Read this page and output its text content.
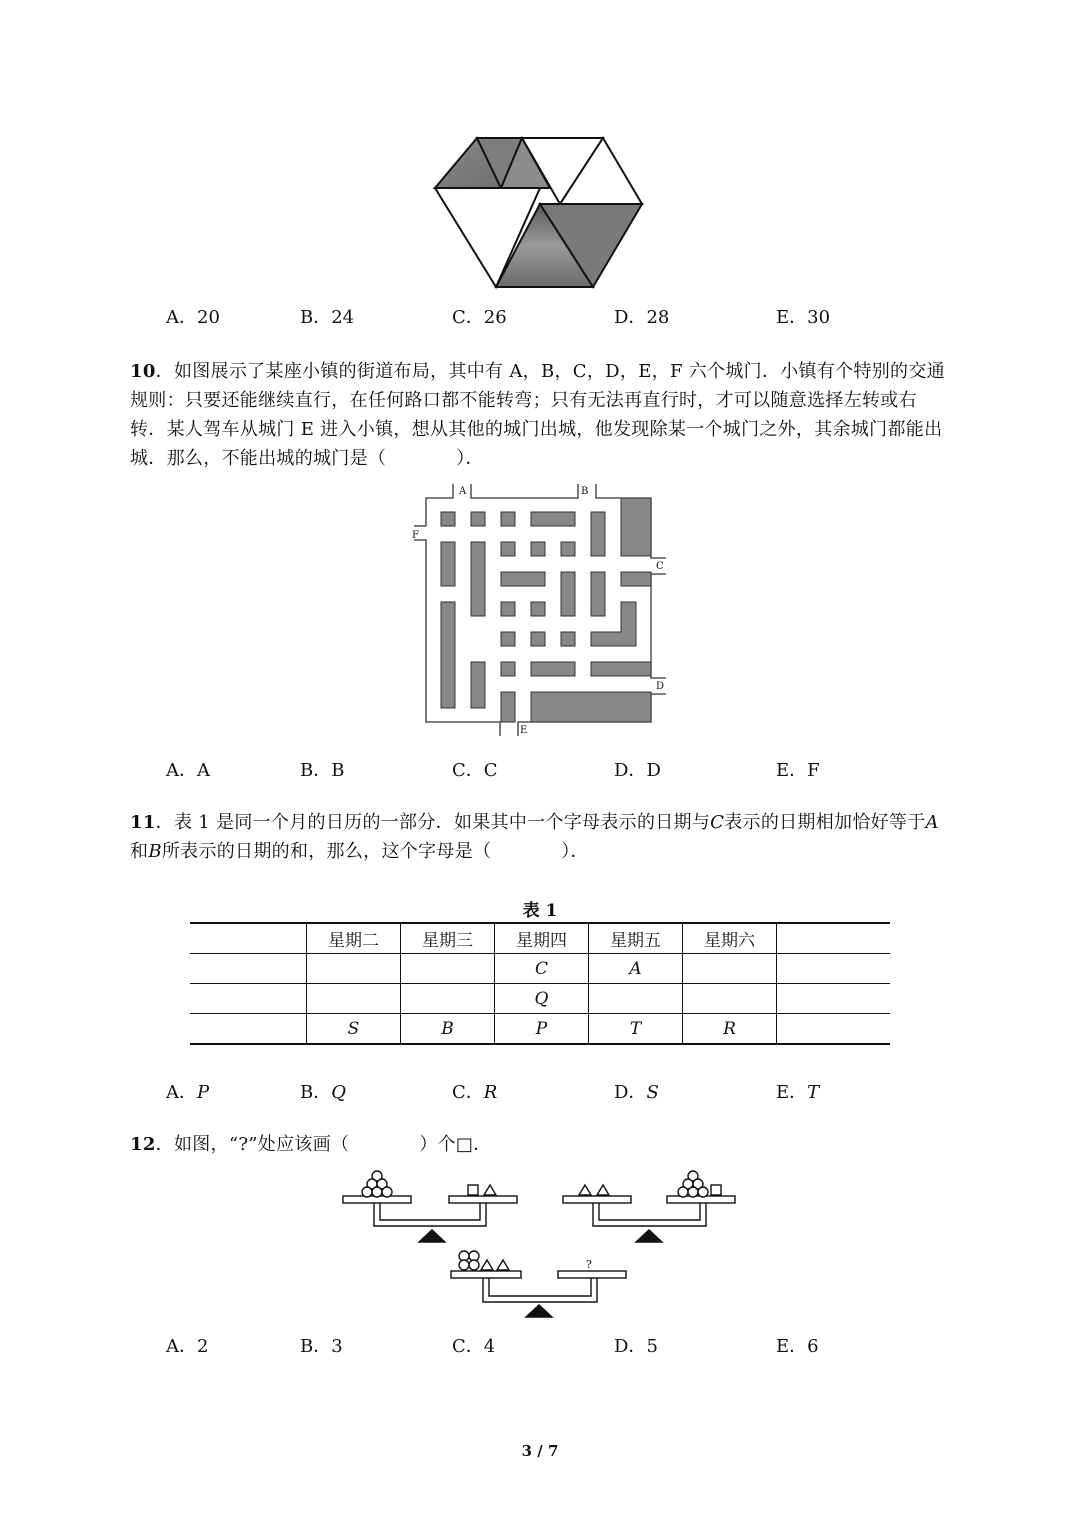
A．20	B．24	C．26	D．28	E．30
10．如图展示了某座小镇的街道布局，其中有 A，B，C，D，E，F 六个城门．小镇有个特别的交通规则：只要还能继续直行，在任何路口都不能转弯；只有无法再直行时，才可以随意选择左转或右转．某人驾车从城门 E 进入小镇，想从其他的城门出城，他发现除某一个城门之外，其余城门都能出城．那么，不能出城的城门是（	）．
A	B
C
D
E
F
A．A	B．B	C．C	D．D	E．F
11．表 1 是同一个月的日历的一部分．如果其中一个字母表示的日期与C表示的日期相加恰好等于A和B所表示的日期的和，那么，这个字母是（	）．
表 1
	星期二	星期三	星期四	星期五	星期六	
			C	A		
			Q			
	S	B	P	T	R	
A．P	B．Q	C．R	D．S	E．T
12．如图，“?”处应该画（	）个□．
?
A．2	B．3	C．4	D．5	E．6
3 / 7
